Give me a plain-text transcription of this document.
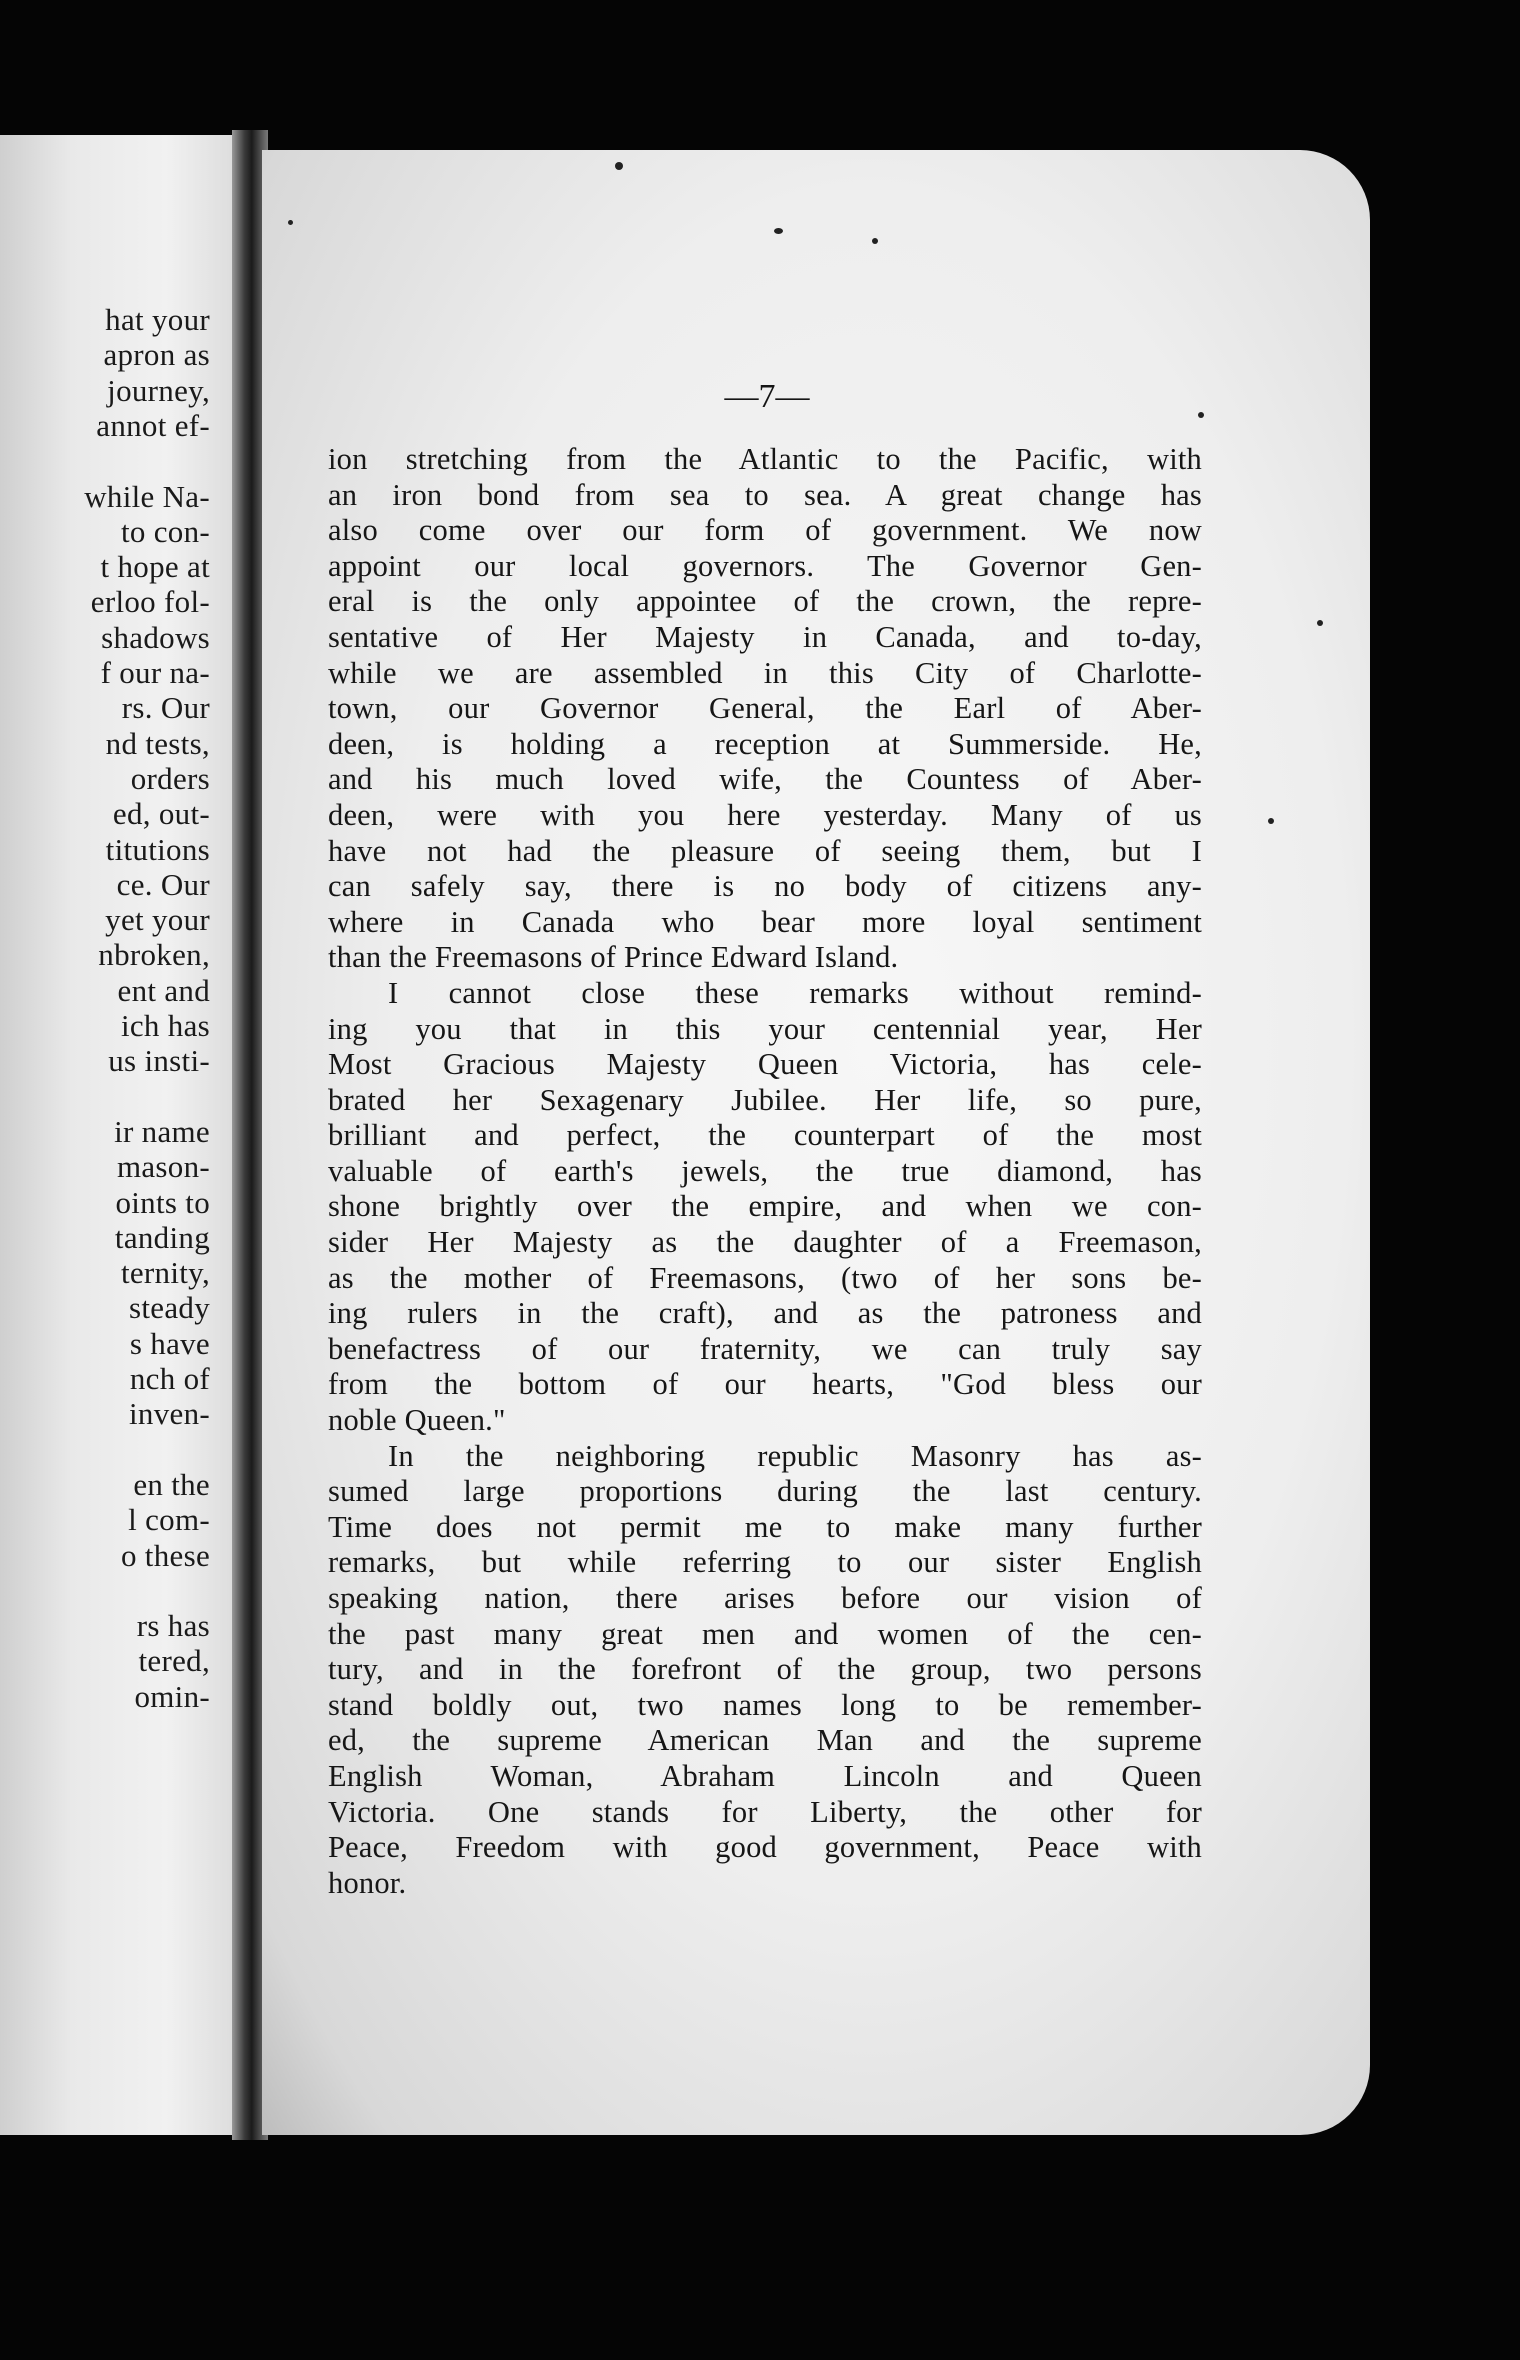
hat your
apron as
journey,
annot ef-
while Na-
to con-
t hope at
erloo fol-
shadows
f our na-
rs. Our
nd tests,
orders
ed, out-
titutions
ce. Our
yet your
nbroken,
ent and
ich has
us insti-
ir name
mason-
oints to
tanding
ternity,
steady
s have
nch of
inven-
en the
l com-
o these
rs has
tered,
omin-
—7—
ion stretching from the Atlantic to the Pacific, with
an iron bond from sea to sea. A great change has
also come over our form of government. We now
appoint our local governors. The Governor Gen-
eral is the only appointee of the crown, the repre-
sentative of Her Majesty in Canada, and to-day,
while we are assembled in this City of Charlotte-
town, our Governor General, the Earl of Aber-
deen, is holding a reception at Summerside. He,
and his much loved wife, the Countess of Aber-
deen, were with you here yesterday. Many of us
have not had the pleasure of seeing them, but I
can safely say, there is no body of citizens any-
where in Canada who bear more loyal sentiment
than the Freemasons of Prince Edward Island.
I cannot close these remarks without remind-
ing you that in this your centennial year, Her
Most Gracious Majesty Queen Victoria, has cele-
brated her Sexagenary Jubilee. Her life, so pure,
brilliant and perfect, the counterpart of the most
valuable of earth's jewels, the true diamond, has
shone brightly over the empire, and when we con-
sider Her Majesty as the daughter of a Freemason,
as the mother of Freemasons, (two of her sons be-
ing rulers in the craft), and as the patroness and
benefactress of our fraternity, we can truly say
from the bottom of our hearts, "God bless our
noble Queen."
In the neighboring republic Masonry has as-
sumed large proportions during the last century.
Time does not permit me to make many further
remarks, but while referring to our sister English
speaking nation, there arises before our vision of
the past many great men and women of the cen-
tury, and in the forefront of the group, two persons
stand boldly out, two names long to be remember-
ed, the supreme American Man and the supreme
English Woman, Abraham Lincoln and Queen
Victoria. One stands for Liberty, the other for
Peace, Freedom with good government, Peace with
honor.
